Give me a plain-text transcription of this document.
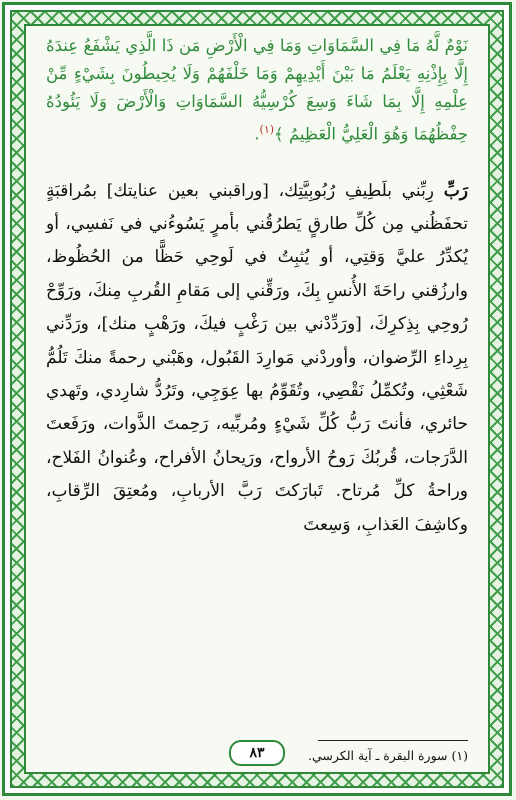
نَوْمٌ لَّهُ مَا فِي السَّمَاوَاتِ وَمَا فِي الْأَرْضِ مَن ذَا الَّذِي يَشْفَعُ عِندَهُ إِلَّا بِإِذْنِهِ يَعْلَمُ مَا بَيْنَ أَيْدِيهِمْ وَمَا خَلْفَهُمْ وَلَا يُحِيطُونَ بِشَيْءٍ مِّنْ عِلْمِهِ إِلَّا بِمَا شَاءَ وَسِعَ كُرْسِيُّهُ السَّمَاوَاتِ وَالْأَرْضَ وَلَا يَئُودُهُ حِفْظُهُمَا وَهُوَ الْعَلِيُّ الْعَظِيمُ ﴾$^{(١)}$.

رَبِّ رِبِّني بلَطِيفِ رُبُوبِيَّتِك، [وراقبني بعين عنايتك] بمُراقبَةٍ تحفَظُني مِن كُلِّ طارقٍ يَطرُقُني بأمرٍ يَسُوءُني في نَفسِي، أو يُكدِّرُ عليَّ وَقتِي، أو يُثبِتُ في لَوحِي حَظًّا من الحُظُوظ، وارزُقني راحَةَ الأُنسِ بِكَ، ورَقِّني إلى مَقامِ القُربِ مِنكَ، ورَوِّحْ رُوحِي بِذِكرِكَ، [ورَدِّدْني بين رَغْبٍ فيكَ، ورَهْبٍ منك]، ورَدِّني بِرِداءِ الرِّضوان، وأوردْني مَوارِدَ القَبُول، وهَبْني رحمةً منكَ تَلُمُّ شَعْثِي، وتُكمِّلُ نَقْصِي، وتُقَوِّمُ بها عِوَجِي، وتَرُدُّ شارِدي، وتَهدي حائري، فأنتَ رَبُّ كُلِّ شَيْءٍ ومُربِّيه، رَحِمتَ الذَّوات، ورَفَعتَ الدَّرَجات، قُربُكَ رَوحُ الأرواح، ورَيحانُ الأفراح، وعُنوانُ الفَلاح، وراحةُ كلِّ مُرتاح. تَبارَكتَ رَبَّ الأربابِ، ومُعتِقَ الرِّقابِ، وكاشِفَ العَذابِ، وَسِعتَ

(١) سورة البقرة ـ آية الكرسي.
٨٣
